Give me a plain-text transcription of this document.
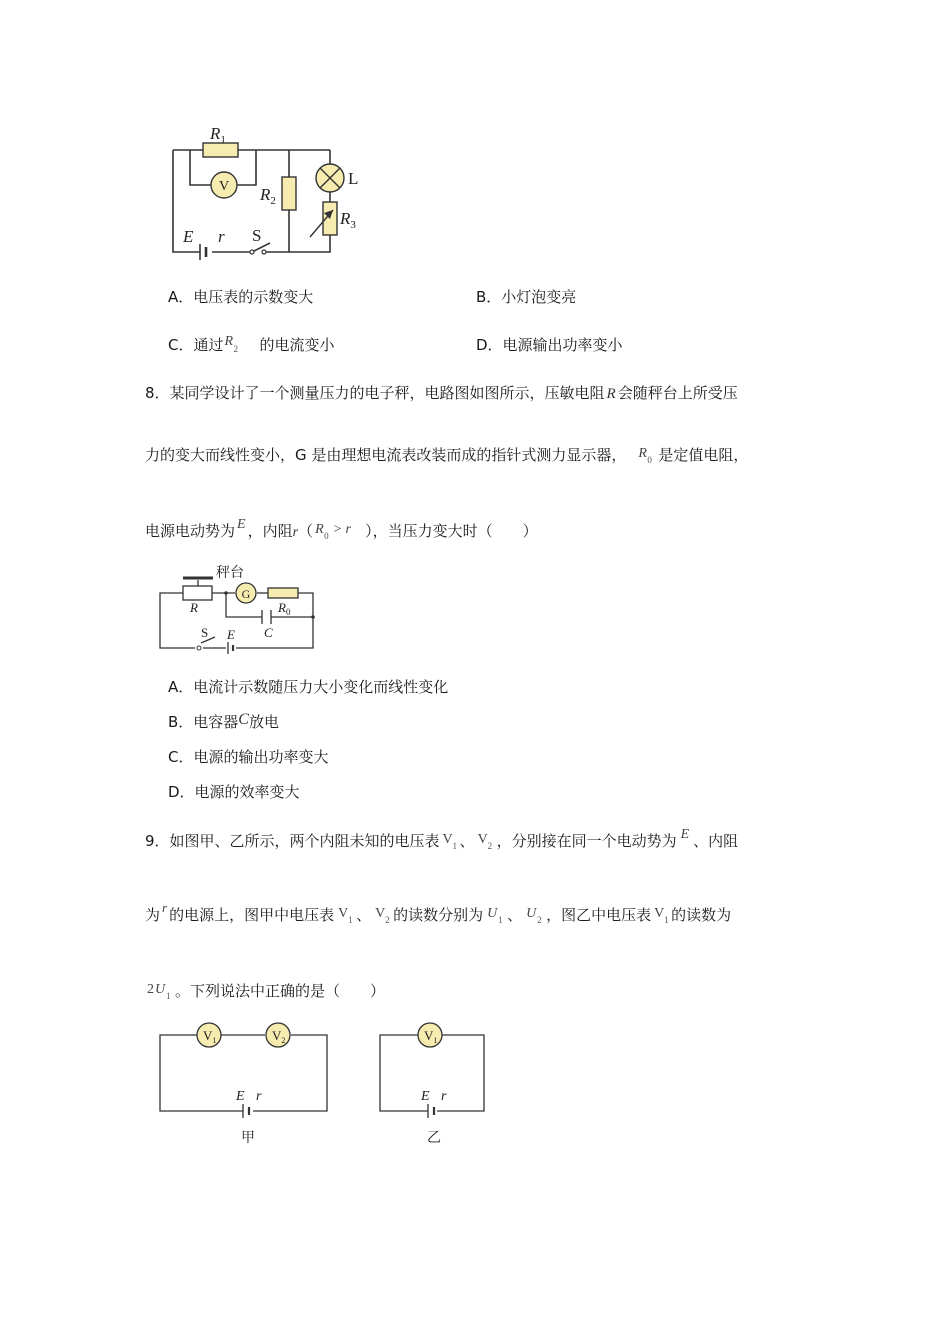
V
$R_1$
$R_2$
$R_3$
L
E r S
A．电压表的示数变大	B．小灯泡变亮
C．通过 R 2 的电流变小	D．电源输出功率变小
8．某同学设计了一个测量压力的电子秤，电路图如图所示，压敏电阻 R 会随秤台上所受压
力的变大而线性变小，G 是由理想电流表改装而成的指针式测力显示器， R 0 是定值电阻，
电源电动势为 E ，内阻r（ R 0 > r ），当压力变大时（　　）
秤台
R
G
$R_0$
C
S E
A．电流计示数随压力大小变化而线性变化
B．电容器C放电
C．电源的输出功率变大
D．电源的效率变大
9．如图甲、乙所示，两个内阻未知的电压表 V 1 、 V 2 ，分别接在同一个电动势为 E 、内阻
为 r 的电源上，图甲中电压表 V 1 、 V 2 的读数分别为 U 1 、 U 2 ，图乙中电压表 V 1 的读数为
2 U 1 。下列说法中正确的是（　　）
$V_1$	$V_2$
E r
甲
$V_1$
E r
乙
